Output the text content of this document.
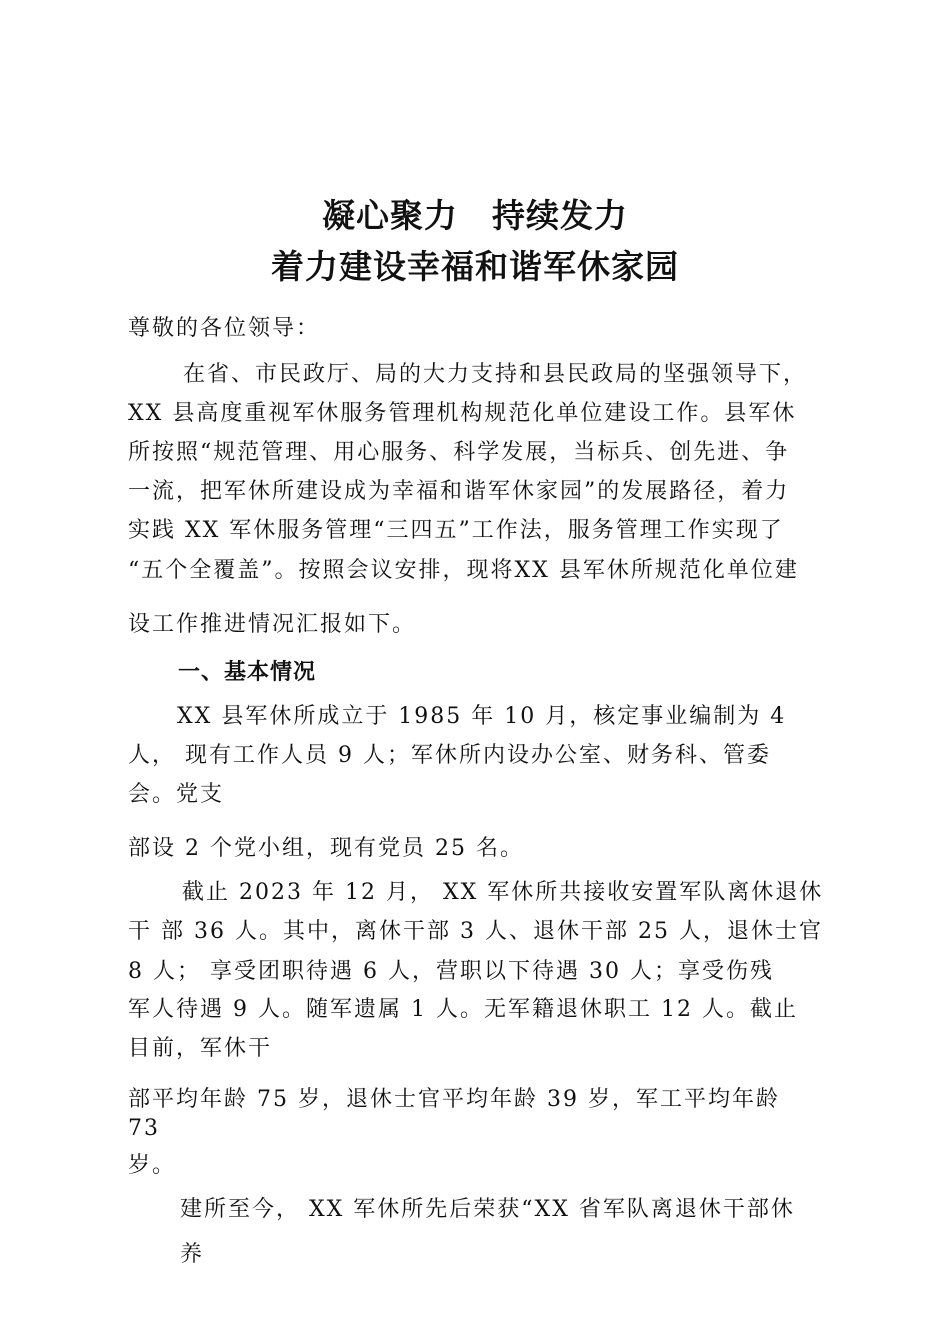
凝心聚力　持续发力
着力建设幸福和谐军休家园
尊敬的各位领导：
在省、市民政厅、局的大力支持和县民政局的坚强领导下，
XX 县高度重视军休服务管理机构规范化单位建设工作。县军休
所按照“规范管理、用心服务、科学发展，当标兵、创先进、争
一流，把军休所建设成为幸福和谐军休家园”的发展路径，着力
实践 XX 军休服务管理“三四五”工作法，服务管理工作实现了
“五个全覆盖”。按照会议安排，现将XX 县军休所规范化单位建
设工作推进情况汇报如下。
一、基本情况
XX 县军休所成立于 1985 年 10 月，核定事业编制为 4
人， 现有工作人员 9 人；军休所内设办公室、财务科、管委
会。党支
部设 2 个党小组，现有党员 25 名。
截止 2023 年 12 月， XX 军休所共接收安置军队离休退休
干 部 36 人。其中，离休干部 3 人、退休干部 25 人，退休士官
8 人； 享受团职待遇 6 人，营职以下待遇 30 人；享受伤残
军人待遇 9 人。随军遗属 1 人。无军籍退休职工 12 人。截止
目前，军休干
部平均年龄 75 岁，退休士官平均年龄 39 岁，军工平均年龄
73
岁。
建所至今， XX 军休所先后荣获“XX 省军队离退休干部休
养
